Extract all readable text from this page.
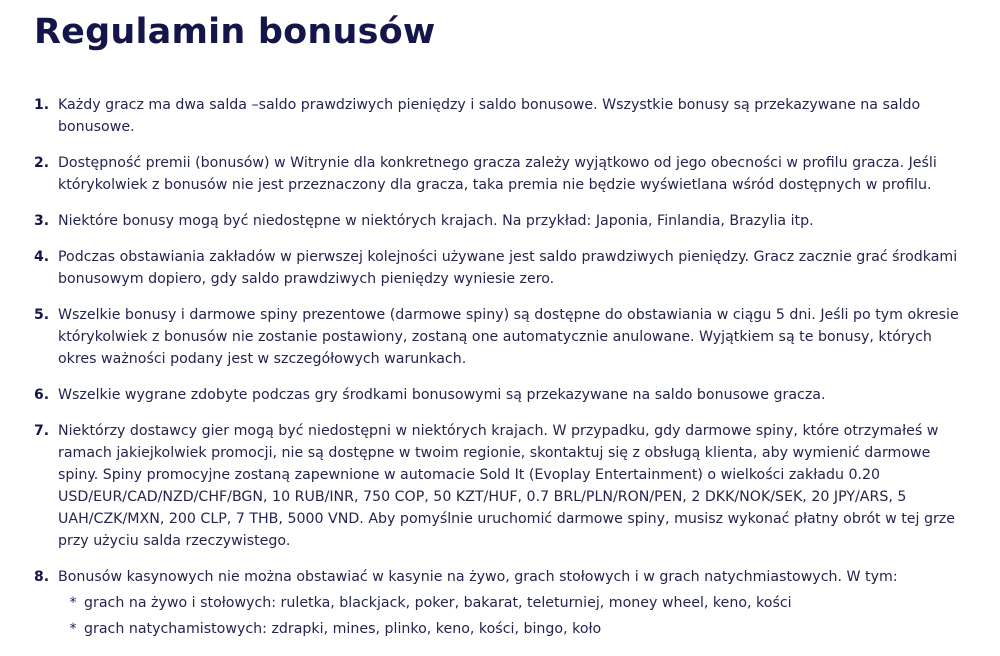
Regulamin bonusów
1. Każdy gracz ma dwa salda –saldo prawdziwych pieniędzy i saldo bonusowe. Wszystkie bonusy są przekazywane na saldo bonusowe.
2. Dostępność premii (bonusów) w Witrynie dla konkretnego gracza zależy wyjątkowo od jego obecności w profilu gracza. Jeśli którykolwiek z bonusów nie jest przeznaczony dla gracza, taka premia nie będzie wyświetlana wśród dostępnych w profilu.
3. Niektóre bonusy mogą być niedostępne w niektórych krajach. Na przykład: Japonia, Finlandia, Brazylia itp.
4. Podczas obstawiania zakładów w pierwszej kolejności używane jest saldo prawdziwych pieniędzy. Gracz zacznie grać środkami bonusowym dopiero, gdy saldo prawdziwych pieniędzy wyniesie zero.
5. Wszelkie bonusy i darmowe spiny prezentowe (darmowe spiny) są dostępne do obstawiania w ciągu 5 dni. Jeśli po tym okresie którykolwiek z bonusów nie zostanie postawiony, zostaną one automatycznie anulowane. Wyjątkiem są te bonusy, których okres ważności podany jest w szczegółowych warunkach.
6. Wszelkie wygrane zdobyte podczas gry środkami bonusowymi są przekazywane na saldo bonusowe gracza.
7. Niektórzy dostawcy gier mogą być niedostępni w niektórych krajach. W przypadku, gdy darmowe spiny, które otrzymałeś w ramach jakiejkolwiek promocji, nie są dostępne w twoim regionie, skontaktuj się z obsługą klienta, aby wymienić darmowe spiny. Spiny promocyjne zostaną zapewnione w automacie Sold It (Evoplay Entertainment) o wielkości zakładu 0.20 USD/EUR/CAD/NZD/CHF/BGN, 10 RUB/INR, 750 COP, 50 KZT/HUF, 0.7 BRL/PLN/RON/PEN, 2 DKK/NOK/SEK, 20 JPY/ARS, 5 UAH/CZK/MXN, 200 CLP, 7 THB, 5000 VND. Aby pomyślnie uruchomić darmowe spiny, musisz wykonać płatny obrót w tej grze przy użyciu salda rzeczywistego.
8. Bonusów kasynowych nie można obstawiać w kasynie na żywo, grach stołowych i w grach natychmiastowych. W tym:
* grach na żywo i stołowych: ruletka, blackjack, poker, bakarat, teleturniej, money wheel, keno, kości
* grach natychamistowych: zdrapki, mines, plinko, keno, kości, bingo, koło
